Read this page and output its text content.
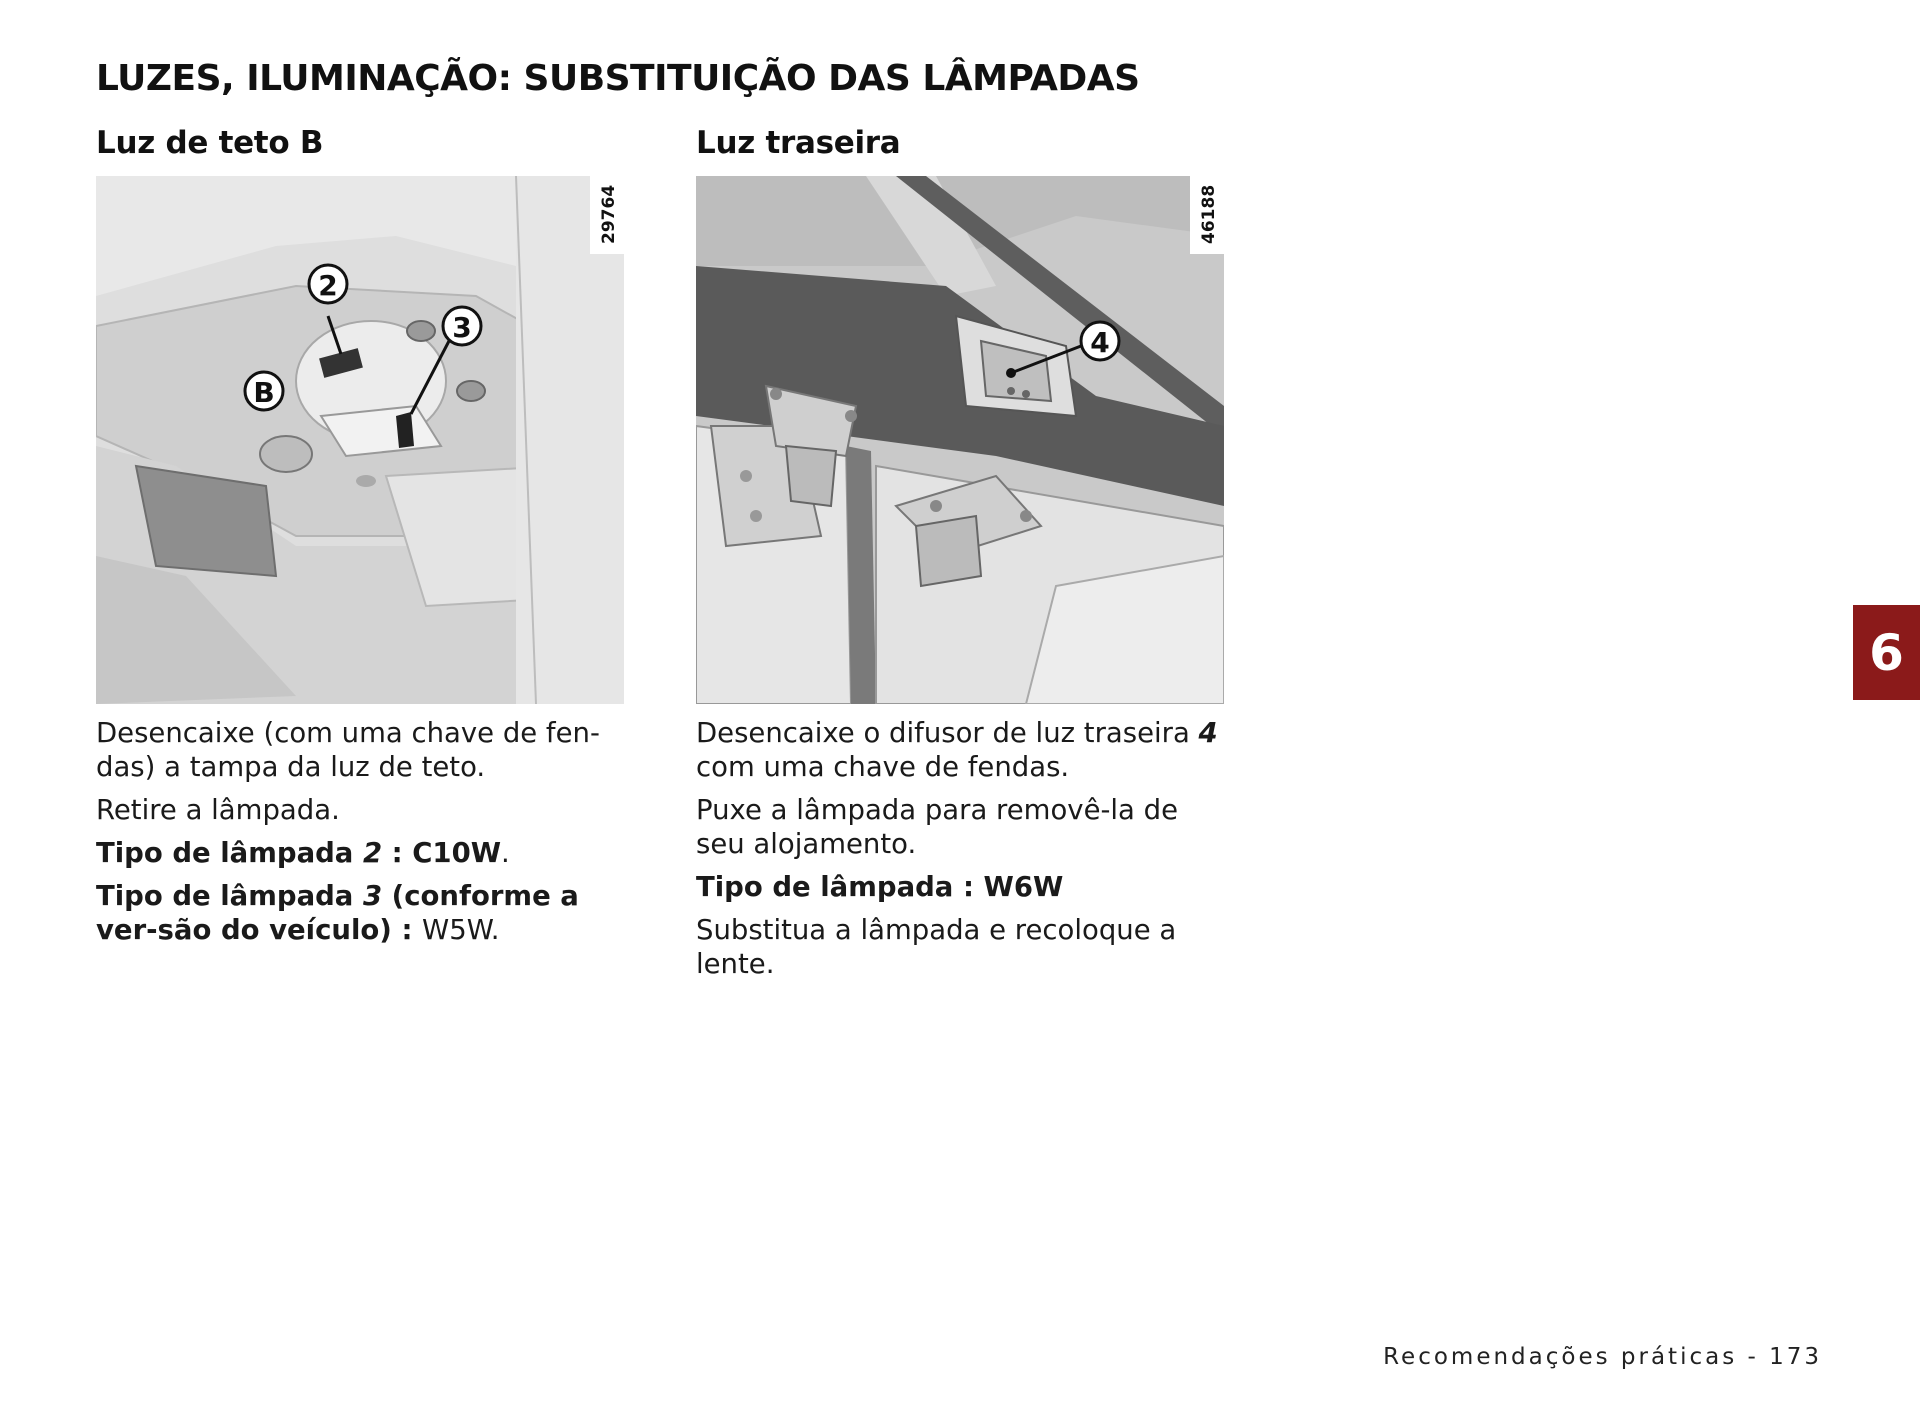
LUZES, ILUMINAÇÃO: SUBSTITUIÇÃO DAS LÂMPADAS
Luz de teto B
2
3
B
29764

Desencaixe (com uma chave de fen-das) a tampa da luz de teto.

Retire a lâmpada.

Tipo de lâmpada 2 : C10W.

Tipo de lâmpada 3 (conforme a ver-são do veículo) : W5W.

Luz traseira
4
46188

Desencaixe o difusor de luz traseira 4 com uma chave de fendas.

Puxe a lâmpada para removê-la de seu alojamento.

Tipo de lâmpada : W6W

Substitua a lâmpada e recoloque a lente.

6
Recomendações práticas - 173
